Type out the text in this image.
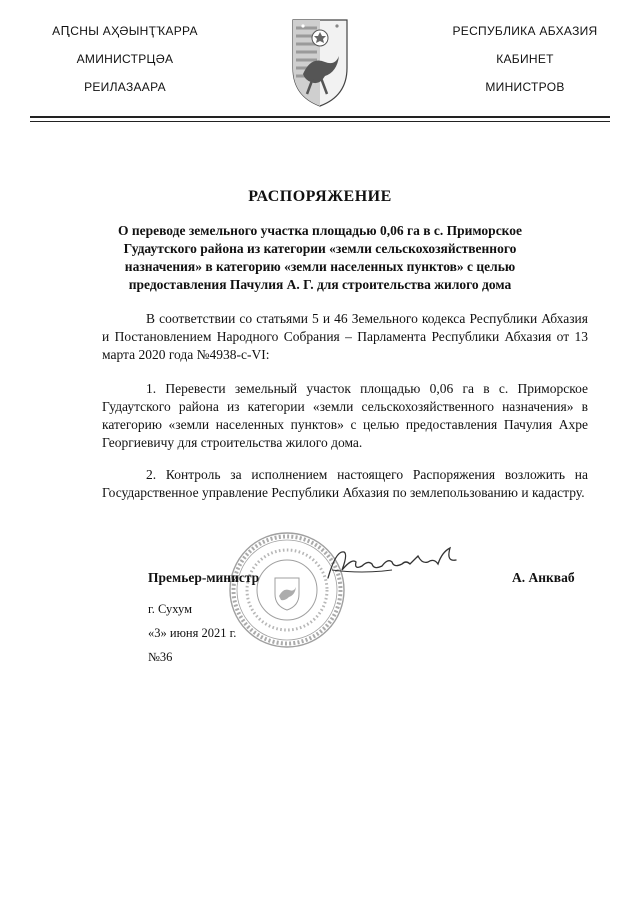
АԤСНЫ АҲӘЫНҬҠАРРА
АМИНИСТРЦӘА
РЕИЛАЗААРА
РЕСПУБЛИКА АБХАЗИЯ
КАБИНЕТ
МИНИСТРОВ
РАСПОРЯЖЕНИЕ
О переводе земельного участка площадью 0,06 га в с. Приморское Гудаутского района из категории «земли сельскохозяйственного назначения» в категорию «земли населенных пунктов» с целью предоставления Пачулия А. Г. для строительства жилого дома

В соответствии со статьями 5 и 46 Земельного кодекса Республики Абхазия и Постановлением Народного Собрания – Парламента Республики Абхазия от 13 марта 2020 года №4938-с-VI:

1. Перевести земельный участок площадью 0,06 га в с. Приморское Гудаутского района из категории «земли сельскохозяйственного назначения» в категорию «земли населенных пунктов» с целью предоставления Пачулия Ахре Георгиевичу для строительства жилого дома.

2. Контроль за исполнением настоящего Распоряжения возложить на Государственное управление Республики Абхазия по землепользованию и кадастру.

Премьер-министр	А. Анкваб
г. Сухум
«3» июня 2021 г.
№36
